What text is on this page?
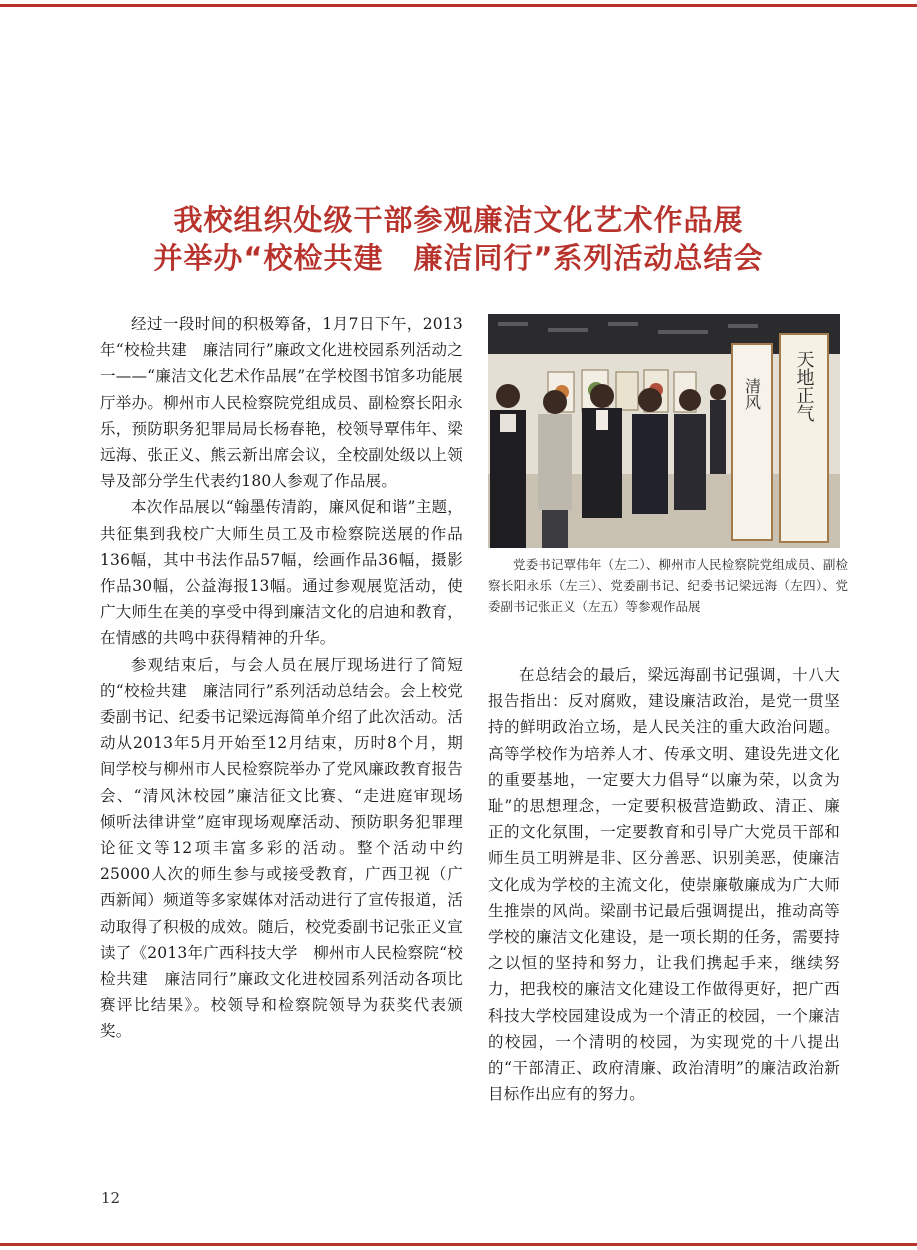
我校组织处级干部参观廉洁文化艺术作品展
并举办“校检共建　廉洁同行”系列活动总结会

经过一段时间的积极筹备，1月7日下午，2013年“校检共建　廉洁同行”廉政文化进校园系列活动之一——“廉洁文化艺术作品展”在学校图书馆多功能展厅举办。柳州市人民检察院党组成员、副检察长阳永乐，预防职务犯罪局局长杨春艳，校领导覃伟年、梁远海、张正义、熊云新出席会议，全校副处级以上领导及部分学生代表约180人参观了作品展。

本次作品展以“翰墨传清韵，廉风促和谐”主题，共征集到我校广大师生员工及市检察院送展的作品136幅，其中书法作品57幅，绘画作品36幅，摄影作品30幅，公益海报13幅。通过参观展览活动，使广大师生在美的享受中得到廉洁文化的启迪和教育，在情感的共鸣中获得精神的升华。

参观结束后，与会人员在展厅现场进行了简短的“校检共建　廉洁同行”系列活动总结会。会上校党委副书记、纪委书记梁远海简单介绍了此次活动。活动从2013年5月开始至12月结束，历时8个月，期间学校与柳州市人民检察院举办了党风廉政教育报告会、“清风沐校园”廉洁征文比赛、“走进庭审现场　倾听法律讲堂”庭审现场观摩活动、预防职务犯罪理论征文等12项丰富多彩的活动。整个活动中约25000人次的师生参与或接受教育，广西卫视（广西新闻）频道等多家媒体对活动进行了宣传报道，活动取得了积极的成效。随后，校党委副书记张正义宣读了《2013年广西科技大学　柳州市人民检察院“校检共建　廉洁同行”廉政文化进校园系列活动各项比赛评比结果》。校领导和检察院领导为获奖代表颁奖。

天地正气
清风
党委书记覃伟年（左二）、柳州市人民检察院党组成员、副检察长阳永乐（左三）、党委副书记、纪委书记梁远海（左四）、党委副书记张正义（左五）等参观作品展

在总结会的最后，梁远海副书记强调，十八大报告指出：反对腐败，建设廉洁政治，是党一贯坚持的鲜明政治立场，是人民关注的重大政治问题。高等学校作为培养人才、传承文明、建设先进文化的重要基地，一定要大力倡导“以廉为荣，以贪为耻”的思想理念，一定要积极营造勤政、清正、廉正的文化氛围，一定要教育和引导广大党员干部和师生员工明辨是非、区分善恶、识别美恶，使廉洁文化成为学校的主流文化，使崇廉敬廉成为广大师生推崇的风尚。梁副书记最后强调提出，推动高等学校的廉洁文化建设，是一项长期的任务，需要持之以恒的坚持和努力，让我们携起手来，继续努力，把我校的廉洁文化建设工作做得更好，把广西科技大学校园建设成为一个清正的校园，一个廉洁的校园，一个清明的校园，为实现党的十八提出的“干部清正、政府清廉、政治清明”的廉洁政治新目标作出应有的努力。

12
